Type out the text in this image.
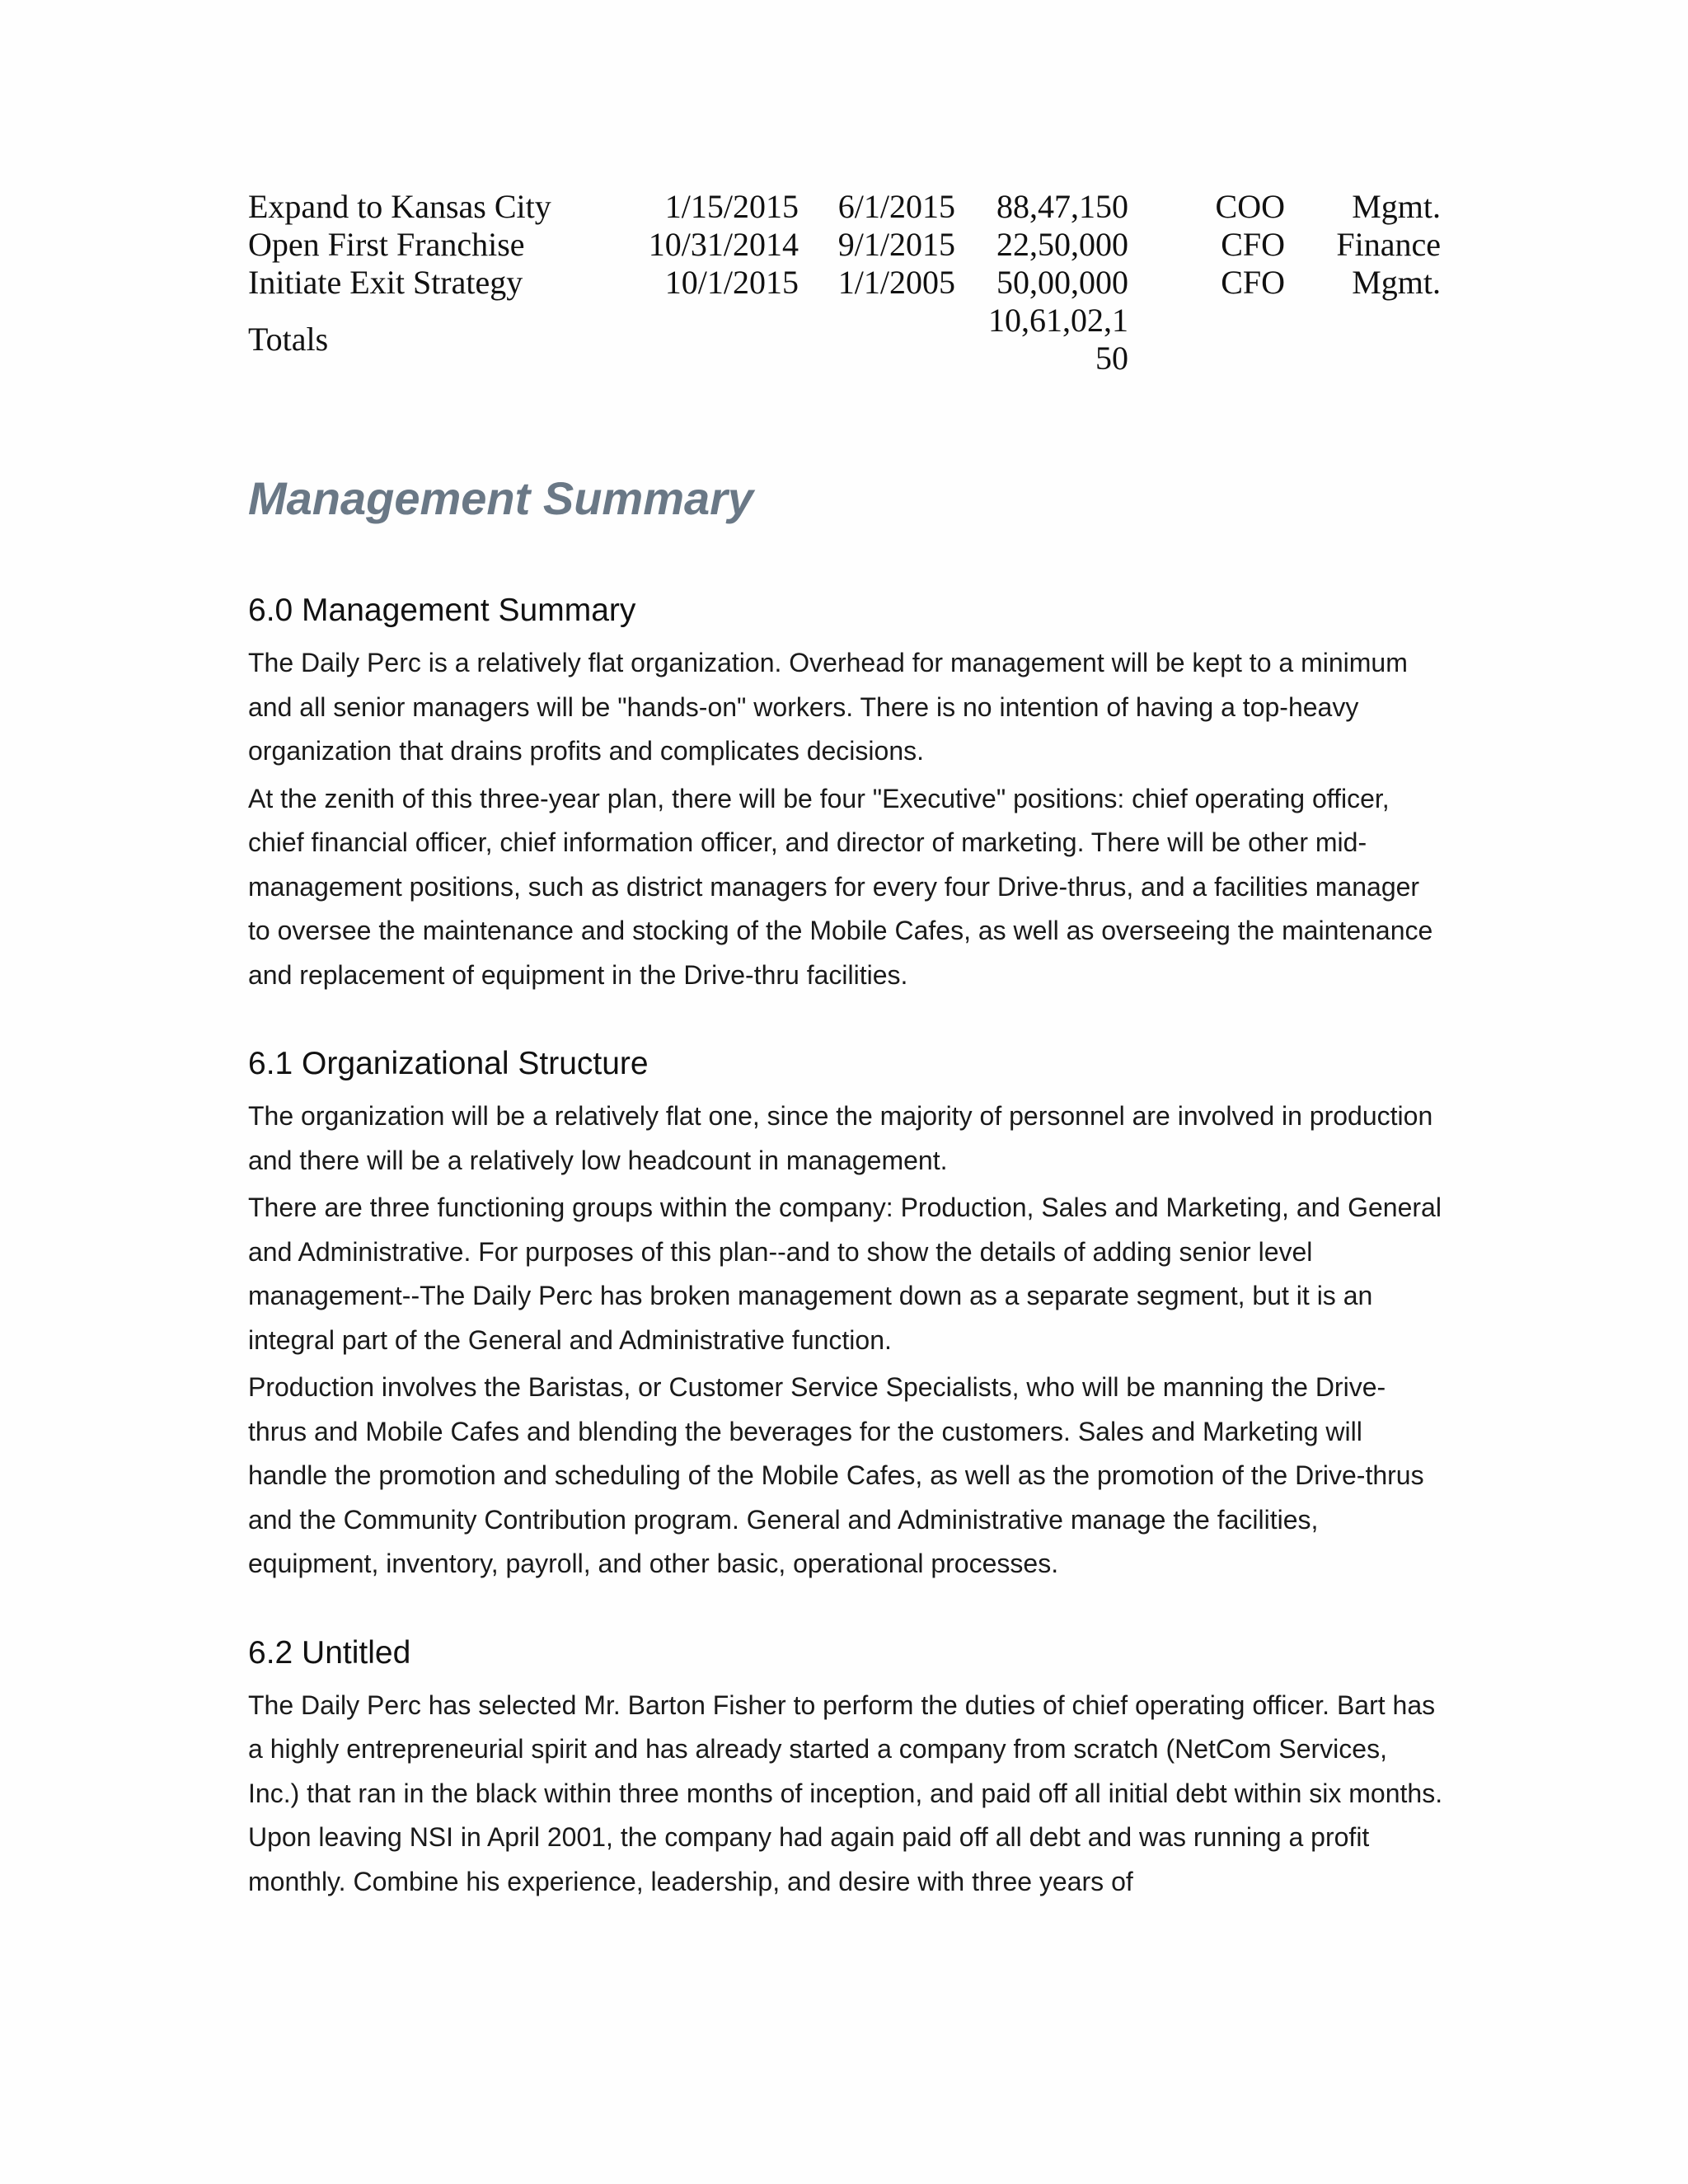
Expand to Kansas City	1/15/2015	6/1/2015	88,47,150	COO	Mgmt.
Open First Franchise	10/31/2014	9/1/2015	22,50,000	CFO	Finance
Initiate Exit Strategy	10/1/2015	1/1/2005	50,00,000	CFO	Mgmt.
Totals			10,61,02,150		

Management Summary
6.0 Management Summary

The Daily Perc is a relatively flat organization. Overhead for management will be kept to a minimum and all senior managers will be "hands-on" workers. There is no intention of having a top-heavy organization that drains profits and complicates decisions.

At the zenith of this three-year plan, there will be four "Executive" positions: chief operating officer, chief financial officer, chief information officer, and director of marketing. There will be other mid-management positions, such as district managers for every four Drive-thrus, and a facilities manager to oversee the maintenance and stocking of the Mobile Cafes, as well as overseeing the maintenance and replacement of equipment in the Drive-thru facilities.

6.1 Organizational Structure

The organization will be a relatively flat one, since the majority of personnel are involved in production and there will be a relatively low headcount in management.

There are three functioning groups within the company: Production, Sales and Marketing, and General and Administrative. For purposes of this plan--and to show the details of adding senior level management--The Daily Perc has broken management down as a separate segment, but it is an integral part of the General and Administrative function.

Production involves the Baristas, or Customer Service Specialists, who will be manning the Drive-thrus and Mobile Cafes and blending the beverages for the customers. Sales and Marketing will handle the promotion and scheduling of the Mobile Cafes, as well as the promotion of the Drive-thrus and the Community Contribution program. General and Administrative manage the facilities, equipment, inventory, payroll, and other basic, operational processes.

6.2 Untitled

The Daily Perc has selected Mr. Barton Fisher to perform the duties of chief operating officer. Bart has a highly entrepreneurial spirit and has already started a company from scratch (NetCom Services, Inc.) that ran in the black within three months of inception, and paid off all initial debt within six months. Upon leaving NSI in April 2001, the company had again paid off all debt and was running a profit monthly. Combine his experience, leadership, and desire with three years of
